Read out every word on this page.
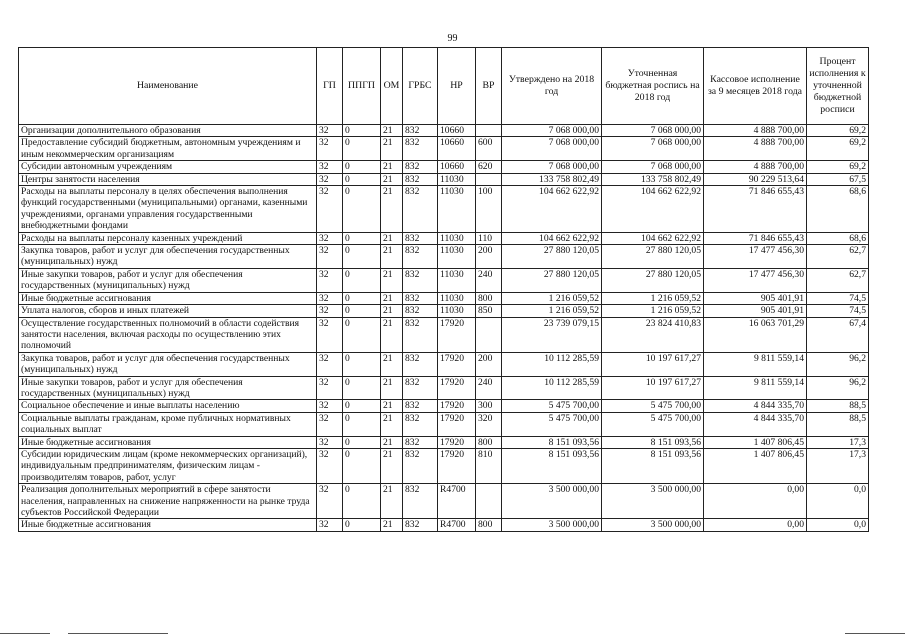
99
Наименование	ГП	ППГП	ОМ	ГРБС	НР	ВР	Утверждено на 2018 год	Уточненная бюджетная роспись на 2018 год	Кассовое исполнение за 9 месяцев 2018 года	Процент исполнения к уточненной бюджетной росписи
Организации дополнительного образования	32	0	21	832	10660		7 068 000,00	7 068 000,00	4 888 700,00	69,2
Предоставление субсидий бюджетным, автономным учреждениям и иным некоммерческим организациям	32	0	21	832	10660	600	7 068 000,00	7 068 000,00	4 888 700,00	69,2
Субсидии автономным учреждениям	32	0	21	832	10660	620	7 068 000,00	7 068 000,00	4 888 700,00	69,2
Центры занятости населения	32	0	21	832	11030		133 758 802,49	133 758 802,49	90 229 513,64	67,5
Расходы на выплаты персоналу в целях обеспечения выполнения функций государственными (муниципальными) органами, казенными учреждениями, органами управления государственными внебюджетными фондами	32	0	21	832	11030	100	104 662 622,92	104 662 622,92	71 846 655,43	68,6
Расходы на выплаты персоналу казенных учреждений	32	0	21	832	11030	110	104 662 622,92	104 662 622,92	71 846 655,43	68,6
Закупка товаров, работ и услуг для обеспечения государственных (муниципальных) нужд	32	0	21	832	11030	200	27 880 120,05	27 880 120,05	17 477 456,30	62,7
Иные закупки товаров, работ и услуг для обеспечения государственных (муниципальных) нужд	32	0	21	832	11030	240	27 880 120,05	27 880 120,05	17 477 456,30	62,7
Иные бюджетные ассигнования	32	0	21	832	11030	800	1 216 059,52	1 216 059,52	905 401,91	74,5
Уплата налогов, сборов и иных платежей	32	0	21	832	11030	850	1 216 059,52	1 216 059,52	905 401,91	74,5
Осуществление государственных полномочий в области содействия занятости населения, включая расходы по осуществлению этих полномочий	32	0	21	832	17920		23 739 079,15	23 824 410,83	16 063 701,29	67,4
Закупка товаров, работ и услуг для обеспечения государственных (муниципальных) нужд	32	0	21	832	17920	200	10 112 285,59	10 197 617,27	9 811 559,14	96,2
Иные закупки товаров, работ и услуг для обеспечения государственных (муниципальных) нужд	32	0	21	832	17920	240	10 112 285,59	10 197 617,27	9 811 559,14	96,2
Социальное обеспечение и иные выплаты населению	32	0	21	832	17920	300	5 475 700,00	5 475 700,00	4 844 335,70	88,5
Социальные выплаты гражданам, кроме публичных нормативных социальных выплат	32	0	21	832	17920	320	5 475 700,00	5 475 700,00	4 844 335,70	88,5
Иные бюджетные ассигнования	32	0	21	832	17920	800	8 151 093,56	8 151 093,56	1 407 806,45	17,3
Субсидии юридическим лицам (кроме некоммерческих организаций), индивидуальным предпринимателям, физическим лицам - производителям товаров, работ, услуг	32	0	21	832	17920	810	8 151 093,56	8 151 093,56	1 407 806,45	17,3
Реализация дополнительных мероприятий в сфере занятости населения, направленных на снижение напряженности на рынке труда субъектов Российской Федерации	32	0	21	832	R4700		3 500 000,00	3 500 000,00	0,00	0,0
Иные бюджетные ассигнования	32	0	21	832	R4700	800	3 500 000,00	3 500 000,00	0,00	0,0
